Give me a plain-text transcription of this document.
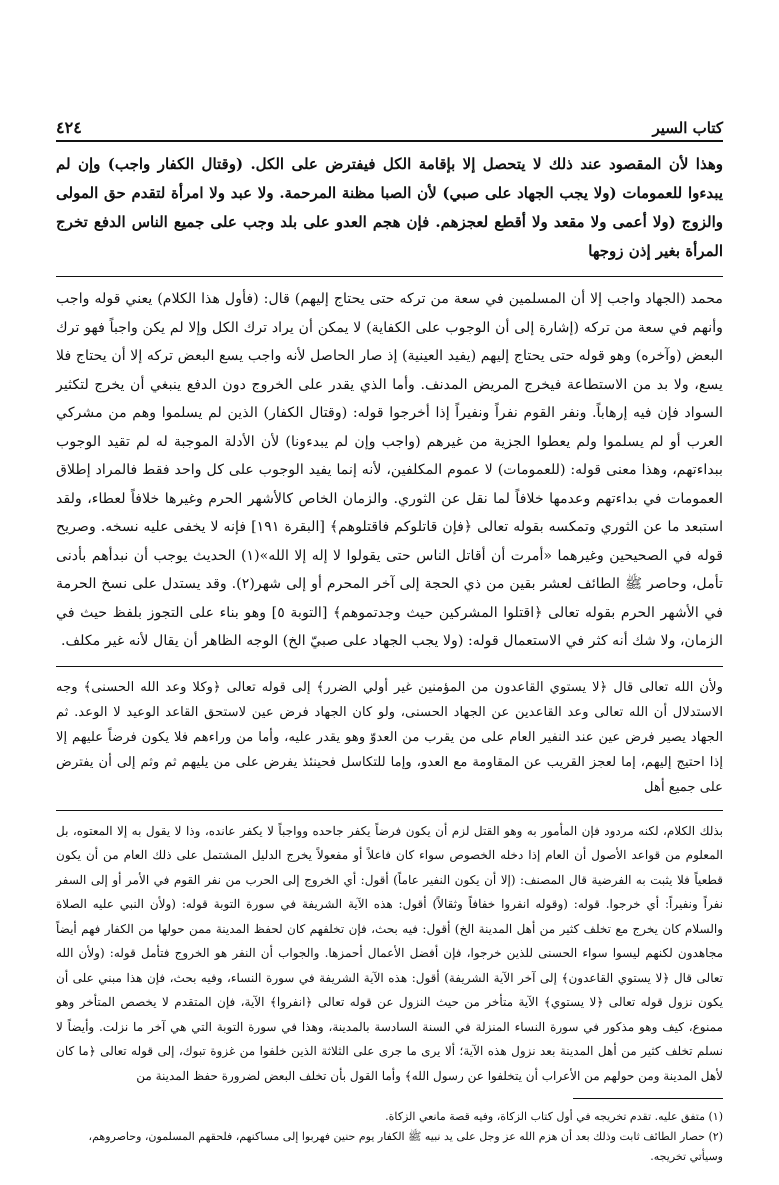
كتاب السير
٤٢٤

وهذا لأن المقصود عند ذلك لا يتحصل إلا بإقامة الكل فيفترض على الكل. (وقتال الكفار واجب) وإن لم يبدءوا للعمومات (ولا يجب الجهاد على صبي) لأن الصبا مظنة المرحمة. ولا عبد ولا امرأة لتقدم حق المولى والزوج (ولا أعمى ولا مقعد ولا أقطع لعجزهم. فإن هجم العدو على بلد وجب على جميع الناس الدفع تخرج المرأة بغير إذن زوجها

محمد (الجهاد واجب إلا أن المسلمين في سعة من تركه حتى يحتاج إليهم) قال: (فأول هذا الكلام) يعني قوله واجب وأنهم في سعة من تركه (إشارة إلى أن الوجوب على الكفاية) لا يمكن أن يراد ترك الكل وإلا لم يكن واجباً فهو ترك البعض (وآخره) وهو قوله حتى يحتاج إليهم (يفيد العينية) إذ صار الحاصل لأنه واجب يسع البعض تركه إلا أن يحتاج فلا يسع، ولا بد من الاستطاعة فيخرج المريض المدنف. وأما الذي يقدر على الخروج دون الدفع ينبغي أن يخرج لتكثير السواد فإن فيه إرهاباً. ونفر القوم نفراً ونفيراً إذا أخرجوا قوله: (وقتال الكفار) الذين لم يسلموا وهم من مشركي العرب أو لم يسلموا ولم يعطوا الجزية من غيرهم (واجب وإن لم يبدءونا) لأن الأدلة الموجبة له لم تقيد الوجوب ببداءتهم، وهذا معنى قوله: (للعمومات) لا عموم المكلفين، لأنه إنما يفيد الوجوب على كل واحد فقط فالمراد إطلاق العمومات في بداءتهم وعدمها خلافاً لما نقل عن الثوري. والزمان الخاص كالأشهر الحرم وغيرها خلافاً لعطاء، ولقد استبعد ما عن الثوري وتمكسه بقوله تعالى ﴿فإن قاتلوكم فاقتلوهم﴾ [البقرة ١٩١] فإنه لا يخفى عليه نسخه. وصريح قوله في الصحيحين وغيرهما «أمرت أن أقاتل الناس حتى يقولوا لا إله إلا الله»(١) الحديث يوجب أن نبدأهم بأدنى تأمل، وحاصر ﷺ الطائف لعشر بقين من ذي الحجة إلى آخر المحرم أو إلى شهر(٢). وقد يستدل على نسخ الحرمة في الأشهر الحرم بقوله تعالى ﴿اقتلوا المشركين حيث وجدتموهم﴾ [التوبة ٥] وهو بناء على التجوز بلفظ حيث في الزمان، ولا شك أنه كثر في الاستعمال قوله: (ولا يجب الجهاد على صبيّ الخ) الوجه الظاهر أن يقال لأنه غير مكلف.

ولأن الله تعالى قال ﴿لا يستوي القاعدون من المؤمنين غير أولي الضرر﴾ إلى قوله تعالى ﴿وكلا وعد الله الحسنى﴾ وجه الاستدلال أن الله تعالى وعد القاعدين عن الجهاد الحسنى، ولو كان الجهاد فرض عين لاستحق القاعد الوعيد لا الوعد. ثم الجهاد يصير فرض عين عند النفير العام على من يقرب من العدوّ وهو يقدر عليه، وأما من وراءهم فلا يكون فرضاً عليهم إلا إذا احتيج إليهم، إما لعجز القريب عن المقاومة مع العدو، وإما للتكاسل فحينئذ يفرض على من يليهم ثم وثم إلى أن يفترض على جميع أهل

بذلك الكلام، لكنه مردود فإن المأمور به وهو القتل لزم أن يكون فرضاً يكفر جاحده وواجباً لا يكفر عانده، وذا لا يقول به إلا المعتوه، بل المعلوم من قواعد الأصول أن العام إذا دخله الخصوص سواء كان فاعلاً أو مفعولاً يخرج الدليل المشتمل على ذلك العام من أن يكون قطعياً فلا يثبت به الفرضية قال المصنف: (إلا أن يكون النفير عاماً) أقول: أي الخروج إلى الحرب من نفر القوم في الأمر أو إلى السفر نفراً ونفيراً: أي خرجوا. قوله: (وقوله انفروا خفافاً وثقالاً) أقول: هذه الآية الشريفة في سورة التوبة قوله: (ولأن النبي عليه الصلاة والسلام كان يخرج مع تخلف كثير من أهل المدينة الخ) أقول: فيه بحث، فإن تخلفهم كان لحفظ المدينة ممن حولها من الكفار فهم أيضاً مجاهدون لكنهم ليسوا سواء الحسنى للذين خرجوا، فإن أفضل الأعمال أحمزها. والجواب أن النفر هو الخروج فتأمل قوله: (ولأن الله تعالى قال ﴿لا يستوي القاعدون﴾ إلى آخر الآية الشريفة) أقول: هذه الآية الشريفة في سورة النساء، وفيه بحث، فإن هذا مبني على أن يكون نزول قوله تعالى ﴿لا يستوي﴾ الآية متأخر من حيث النزول عن قوله تعالى ﴿انفروا﴾ الآية، فإن المتقدم لا يخصص المتأخر وهو ممنوع، كيف وهو مذكور في سورة النساء المنزلة في السنة السادسة بالمدينة، وهذا في سورة التوبة التي هي آخر ما نزلت. وأيضاً لا نسلم تخلف كثير من أهل المدينة بعد نزول هذه الآية؛ ألا يرى ما جرى على الثلاثة الذين خلفوا من غزوة تبوك، إلى قوله تعالى ﴿ما كان لأهل المدينة ومن حولهم من الأعراب أن يتخلفوا عن رسول الله﴾ وأما القول بأن تخلف البعض لضرورة حفظ المدينة من

(١) متفق عليه. تقدم تخريجه في أول كتاب الزكاة، وفيه قصة مانعي الزكاة.

(٢) حصار الطائف ثابت وذلك بعد أن هزم الله عز وجل على يد نبيه ﷺ الكفار يوم حنين فهربوا إلى مساكنهم، فلحقهم المسلمون، وحاصروهم، وسيأتي تخريجه.
